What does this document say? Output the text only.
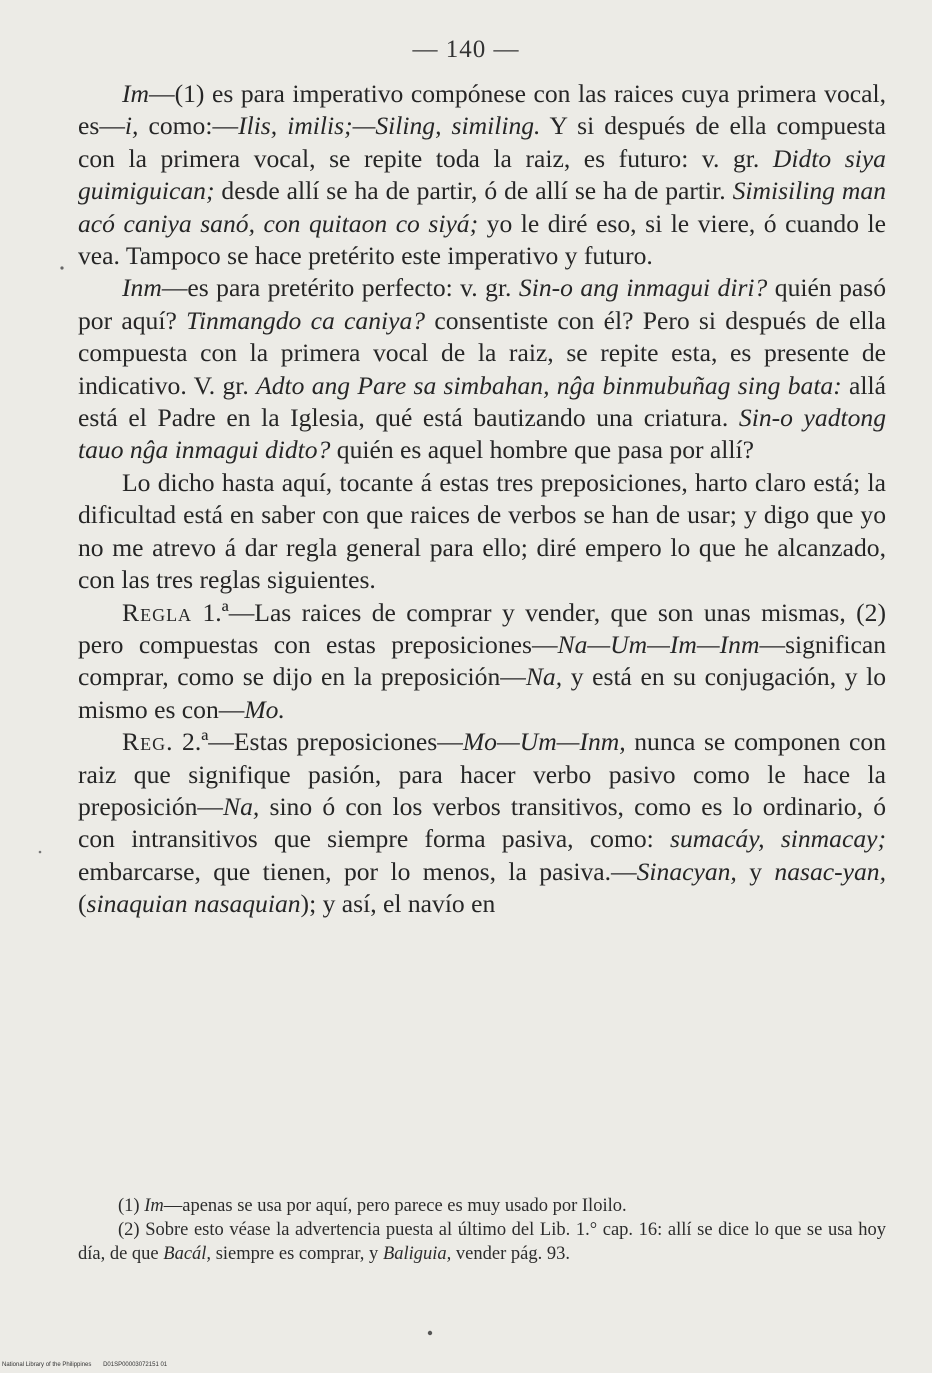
— 140 —

Im—(1) es para imperativo compónese con las raices cuya primera vocal, es—i, como:—Ilis, imilis;—Siling, similing. Y si después de ella compuesta con la primera vocal, se repite toda la raiz, es futuro: v. gr. Didto siya guimiguican; desde allí se ha de partir, ó de allí se ha de partir. Simisiling man acó caniya sanó, con quitaon co siyá; yo le diré eso, si le viere, ó cuando le vea. Tampoco se hace pretérito este imperativo y futuro.

Inm—es para pretérito perfecto: v. gr. Sin-o ang inmagui diri? quién pasó por aquí? Tinmangdo ca caniya? consentiste con él? Pero si después de ella compuesta con la primera vocal de la raiz, se repite esta, es presente de indicativo. V. gr. Adto ang Pare sa simbahan, nĝa binmubuñag sing bata: allá está el Padre en la Iglesia, qué está bautizando una criatura. Sin-o yadtong tauo nĝa inmagui didto? quién es aquel hombre que pasa por allí?

Lo dicho hasta aquí, tocante á estas tres preposiciones, harto claro está; la dificultad está en saber con que raices de verbos se han de usar; y digo que yo no me atrevo á dar regla general para ello; diré empero lo que he alcanzado, con las tres reglas siguientes.

Regla 1.ª—Las raices de comprar y vender, que son unas mismas, (2) pero compuestas con estas preposiciones—Na—Um—Im—Inm—significan comprar, como se dijo en la preposición—Na, y está en su conjugación, y lo mismo es con—Mo.

Reg. 2.ª—Estas preposiciones—Mo—Um—Inm, nunca se componen con raiz que signifique pasión, para hacer verbo pasivo como le hace la preposición—Na, sino ó con los verbos transitivos, como es lo ordinario, ó con intransitivos que siempre forma pasiva, como: sumacáy, sinmacay; embarcarse, que tienen, por lo menos, la pasiva.—Sinacyan, y nasac-yan, (sinaquian nasaquian); y así, el navío en

(1) Im—apenas se usa por aquí, pero parece es muy usado por Iloilo.

(2) Sobre esto véase la advertencia puesta al último del Lib. 1.° cap. 16: allí se dice lo que se usa hoy día, de que Bacál, siempre es comprar, y Baliguia, vender pág. 93.

National Library of the Philippines D01SP00003072151 01
